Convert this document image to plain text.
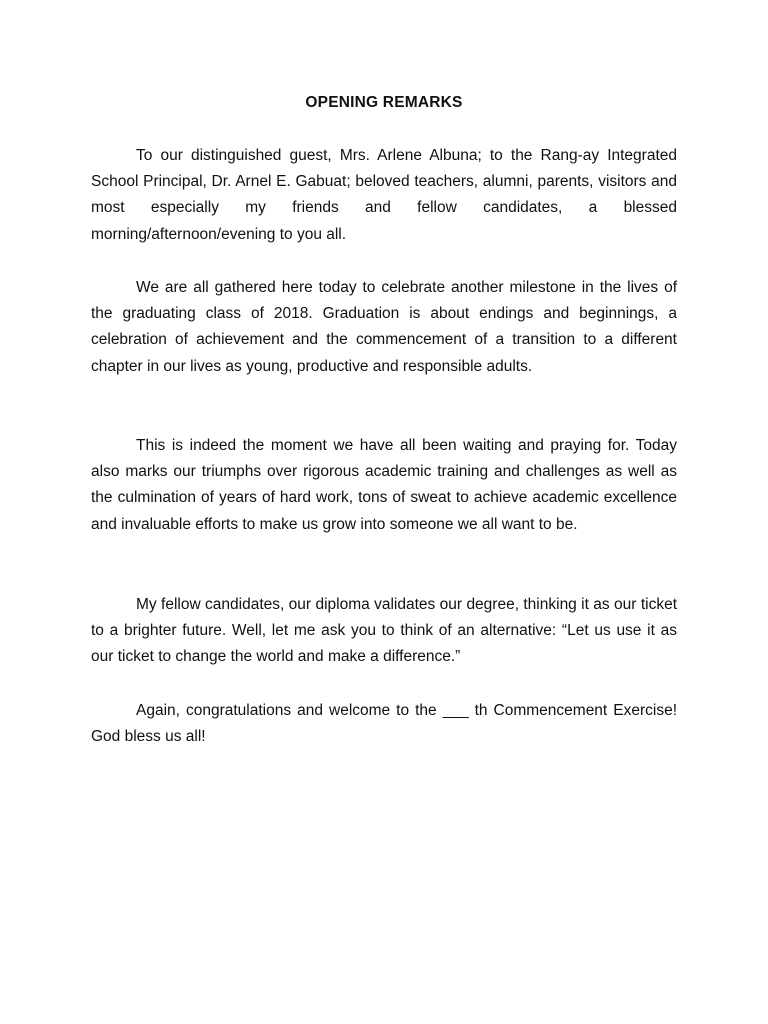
OPENING REMARKS

To our distinguished guest, Mrs. Arlene Albuna; to the Rang-ay Integrated School Principal, Dr. Arnel E. Gabuat; beloved teachers, alumni, parents, visitors and most especially my friends and fellow candidates, a blessed morning/afternoon/evening to you all.

We are all gathered here today to celebrate another milestone in the lives of the graduating class of 2018. Graduation is about endings and beginnings, a celebration of achievement and the commencement of a transition to a different chapter in our lives as young, productive and responsible adults.

This is indeed the moment we have all been waiting and praying for. Today also marks our triumphs over rigorous academic training and challenges as well as the culmination of years of hard work, tons of sweat to achieve academic excellence and invaluable efforts to make us grow into someone we all want to be.

My fellow candidates, our diploma validates our degree, thinking it as our ticket to a brighter future. Well, let me ask you to think of an alternative: “Let us use it as our ticket to change the world and make a difference.”

Again, congratulations and welcome to the ___ th Commencement Exercise! God bless us all!
